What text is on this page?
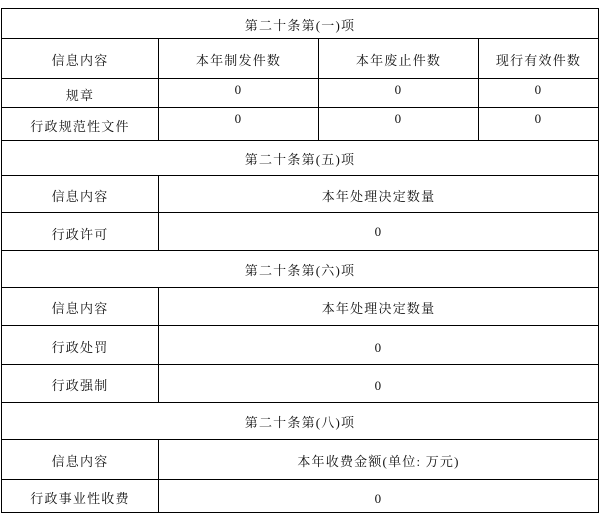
第二十条第(一)项			
信息内容	本年制发件数	本年废止件数	现行有效件数
规章	0	0	0
行政规范性文件	0	0	0
第二十条第(五)项			
信息内容	本年处理决定数量		
行政许可	0		
第二十条第(六)项			
信息内容	本年处理决定数量		
行政处罚	0		
行政强制	0		
第二十条第(八)项			
信息内容	本年收费金额(单位: 万元)		
行政事业性收费	0		
